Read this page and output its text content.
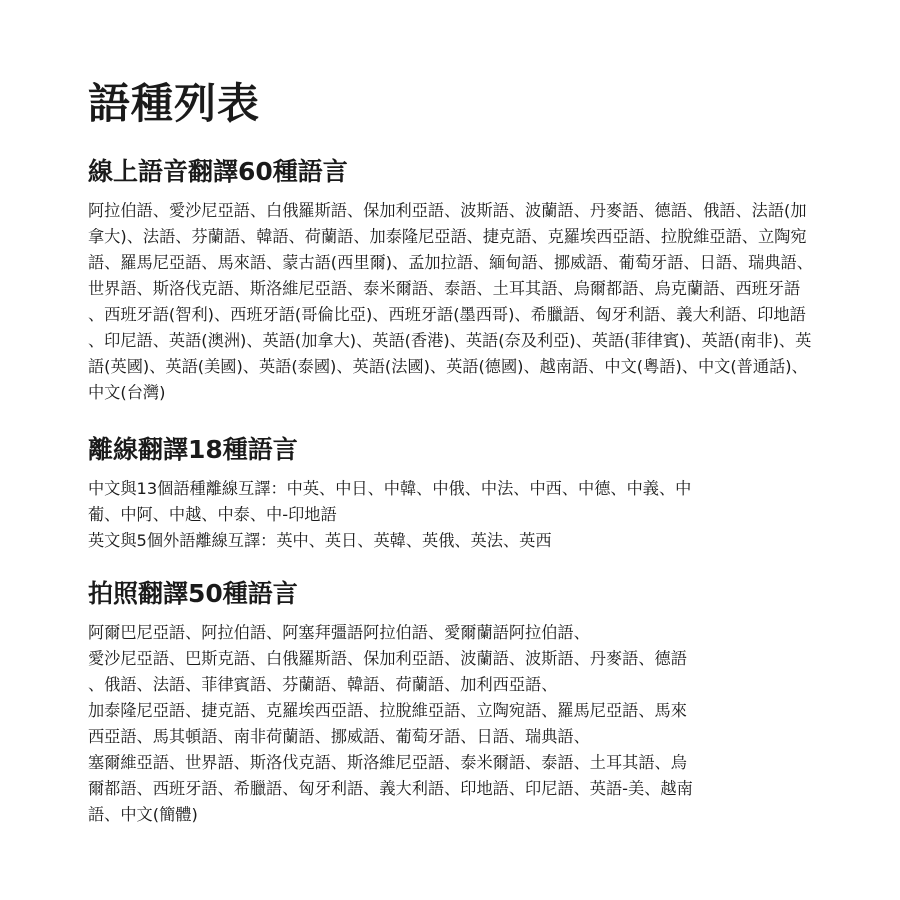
語種列表
線上語音翻譯60種語言

阿拉伯語、愛沙尼亞語、白俄羅斯語、保加利亞語、波斯語、波蘭語、丹麥語、德語、俄語、法語(加拿大)、法語、芬蘭語、韓語、荷蘭語、加泰隆尼亞語、捷克語、克羅埃西亞語、拉脫維亞語、立陶宛語、羅馬尼亞語、馬來語、蒙古語(西里爾)、孟加拉語、緬甸語、挪威語、葡萄牙語、日語、瑞典語、世界語、斯洛伐克語、斯洛維尼亞語、泰米爾語、泰語、土耳其語、烏爾都語、烏克蘭語、西班牙語、西班牙語(智利)、西班牙語(哥倫比亞)、西班牙語(墨西哥)、希臘語、匈牙利語、義大利語、印地語、印尼語、英語(澳洲)、英語(加拿大)、英語(香港)、英語(奈及利亞)、英語(菲律賓)、英語(南非)、英語(英國)、英語(美國)、英語(泰國)、英語(法國)、英語(德國)、越南語、中文(粵語)、中文(普通話)、中文(台灣)

離線翻譯18種語言
中文與13個語種離線互譯：中英、中日、中韓、中俄、中法、中西、中德、中義、中
葡、中阿、中越、中泰、中-印地語
英文與5個外語離線互譯：英中、英日、英韓、英俄、英法、英西
拍照翻譯50種語言
阿爾巴尼亞語、阿拉伯語、阿塞拜彊語阿拉伯語、愛爾蘭語阿拉伯語、
愛沙尼亞語、巴斯克語、白俄羅斯語、保加利亞語、波蘭語、波斯語、丹麥語、德語
、俄語、法語、菲律賓語、芬蘭語、韓語、荷蘭語、加利西亞語、
加泰隆尼亞語、捷克語、克羅埃西亞語、拉脫維亞語、立陶宛語、羅馬尼亞語、馬來
西亞語、馬其頓語、南非荷蘭語、挪威語、葡萄牙語、日語、瑞典語、
塞爾維亞語、世界語、斯洛伐克語、斯洛維尼亞語、泰米爾語、泰語、土耳其語、烏
爾都語、西班牙語、希臘語、匈牙利語、義大利語、印地語、印尼語、英語-美、越南
語、中文(簡體)
